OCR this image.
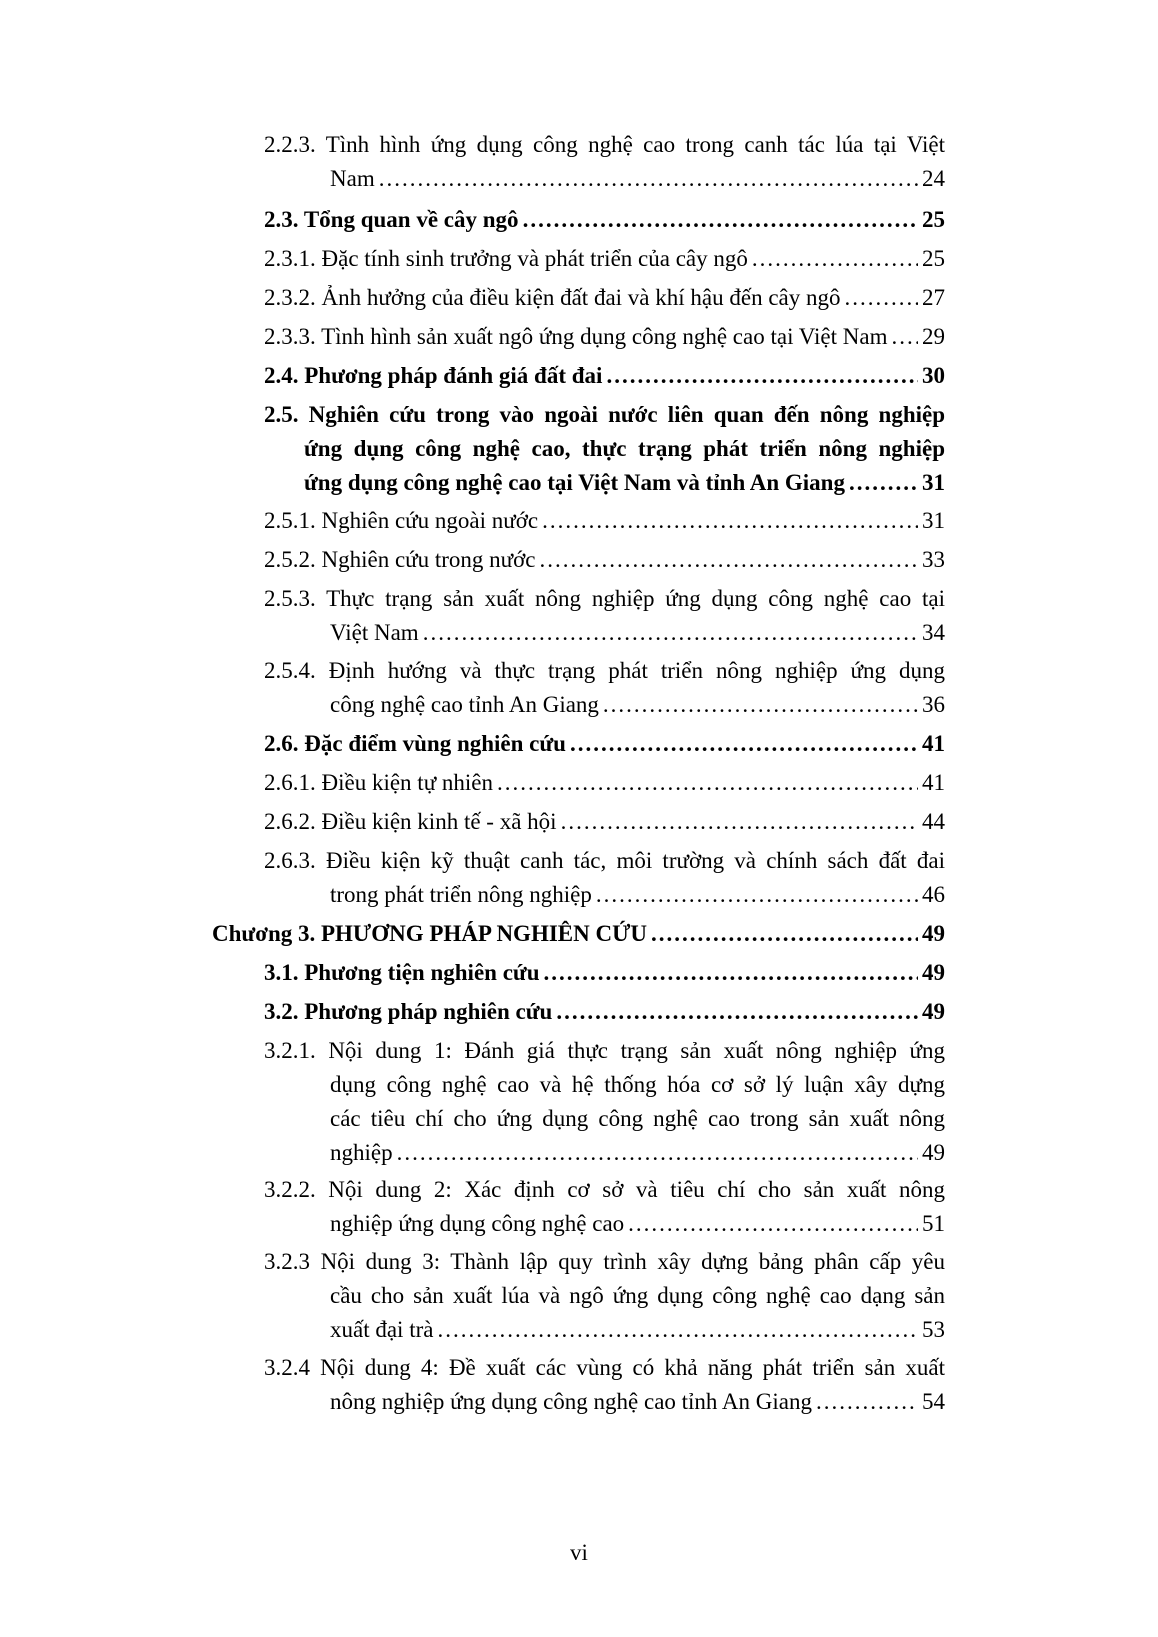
2.2.3. Tình hình ứng dụng công nghệ cao trong canh tác lúa tại Việt
Nam .....	24
2.3. Tổng quan về cây ngô .....	25
2.3.1. Đặc tính sinh trưởng và phát triển của cây ngô .....	25
2.3.2. Ảnh hưởng của điều kiện đất đai và khí hậu đến cây ngô .....	27
2.3.3. Tình hình sản xuất ngô ứng dụng công nghệ cao tại Việt Nam ..... 29
2.4. Phương pháp đánh giá đất đai .....	30
2.5. Nghiên cứu trong vào ngoài nước liên quan đến nông nghiệp
ứng dụng công nghệ cao, thực trạng phát triển nông nghiệp
ứng dụng công nghệ cao tại Việt Nam và tỉnh An Giang .....	31
2.5.1. Nghiên cứu ngoài nước .....	31
2.5.2. Nghiên cứu trong nước .....	33
2.5.3. Thực trạng sản xuất nông nghiệp ứng dụng công nghệ cao tại
Việt Nam .....	34
2.5.4. Định hướng và thực trạng phát triển nông nghiệp ứng dụng
công nghệ cao tỉnh An Giang .....	36
2.6. Đặc điểm vùng nghiên cứu .....	41
2.6.1. Điều kiện tự nhiên .....	41
2.6.2. Điều kiện kinh tế - xã hội .....	44
2.6.3. Điều kiện kỹ thuật canh tác, môi trường và chính sách đất đai
trong phát triển nông nghiệp .....	46
Chương 3. PHƯƠNG PHÁP NGHIÊN CỨU .....	49
3.1. Phương tiện nghiên cứu .....	49
3.2. Phương pháp nghiên cứu .....	49
3.2.1. Nội dung 1: Đánh giá thực trạng sản xuất nông nghiệp ứng
dụng công nghệ cao và hệ thống hóa cơ sở lý luận xây dựng
các tiêu chí cho ứng dụng công nghệ cao trong sản xuất nông
nghiệp .....	49
3.2.2. Nội dung 2: Xác định cơ sở và tiêu chí cho sản xuất nông
nghiệp ứng dụng công nghệ cao .....	51
3.2.3 Nội dung 3: Thành lập quy trình xây dựng bảng phân cấp yêu
cầu cho sản xuất lúa và ngô ứng dụng công nghệ cao dạng sản
xuất đại trà .....	53
3.2.4 Nội dung 4: Đề xuất các vùng có khả năng phát triển sản xuất
nông nghiệp ứng dụng công nghệ cao tỉnh An Giang .....	54
vi
